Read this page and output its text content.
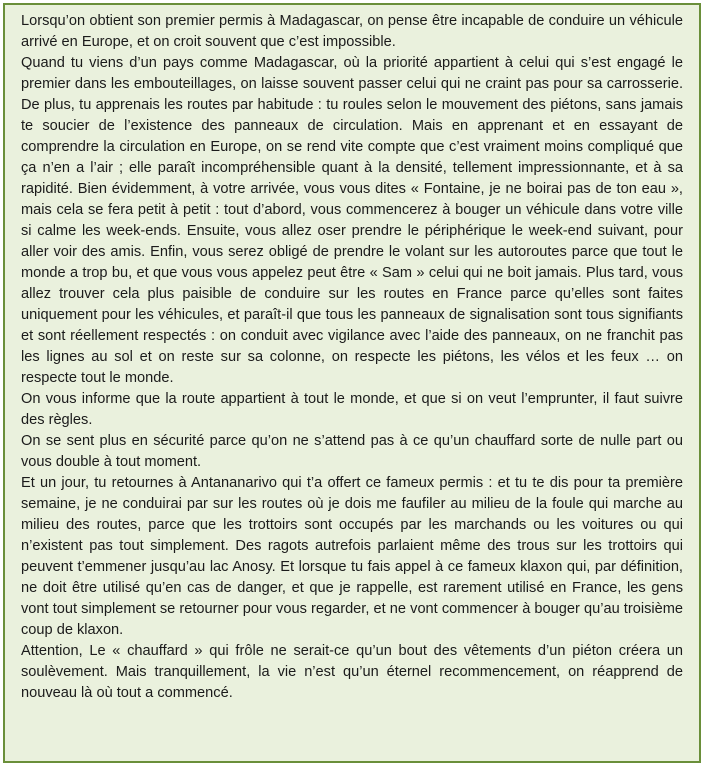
Lorsqu’on obtient son premier permis à Madagascar, on pense être incapable de conduire un véhicule arrivé en Europe, et on croit souvent que c’est impossible.

Quand tu viens d’un pays comme Madagascar, où la priorité appartient à celui qui s’est engagé le premier dans les embouteillages, on laisse souvent passer celui qui ne craint pas pour sa carrosserie. De plus, tu apprenais les routes par habitude : tu roules selon le mouvement des piétons, sans jamais te soucier de l’existence des panneaux de circulation. Mais en apprenant et en essayant de comprendre la circulation en Europe, on se rend vite compte que c’est vraiment moins compliqué que ça n’en a l’air ; elle paraît incompréhensible quant à la densité, tellement impressionnante, et à sa rapidité. Bien évidemment, à votre arrivée, vous vous dites « Fontaine, je ne boirai pas de ton eau », mais cela se fera petit à petit : tout d’abord, vous commencerez à bouger un véhicule dans votre ville si calme les week-ends. Ensuite, vous allez oser prendre le périphérique le week-end suivant, pour aller voir des amis. Enfin, vous serez obligé de prendre le volant sur les autoroutes parce que tout le monde a trop bu, et que vous vous appelez peut être « Sam » celui qui ne boit jamais. Plus tard, vous allez trouver cela plus paisible de conduire sur les routes en France parce qu’elles sont faites uniquement pour les véhicules, et paraît-il que tous les panneaux de signalisation sont tous signifiants et sont réellement respectés : on conduit avec vigilance avec l’aide des panneaux, on ne franchit pas les lignes au sol et on reste sur sa colonne, on respecte les piétons, les vélos et les feux … on respecte tout le monde.

On vous informe que la route appartient à tout le monde, et que si on veut l’emprunter, il faut suivre des règles.

On se sent plus en sécurité parce qu’on ne s’attend pas à ce qu’un chauffard sorte de nulle part ou vous double à tout moment.

Et un jour, tu retournes à Antananarivo qui t’a offert ce fameux permis : et tu te dis pour ta première semaine, je ne conduirai par sur les routes où je dois me faufiler au milieu de la foule qui marche au milieu des routes, parce que les trottoirs sont occupés par les marchands ou les voitures ou qui n’existent pas tout simplement. Des ragots autrefois parlaient même des trous sur les trottoirs qui peuvent t’emmener jusqu’au lac Anosy. Et lorsque tu fais appel à ce fameux klaxon qui, par définition, ne doit être utilisé qu’en cas de danger, et que je rappelle, est rarement utilisé en France, les gens vont tout simplement se retourner pour vous regarder, et ne vont commencer à bouger qu’au troisième coup de klaxon.

Attention, Le « chauffard » qui frôle ne serait-ce qu’un bout des vêtements d’un piéton créera un soulèvement. Mais tranquillement, la vie n’est qu’un éternel recommencement, on réapprend de nouveau là où tout a commencé.
